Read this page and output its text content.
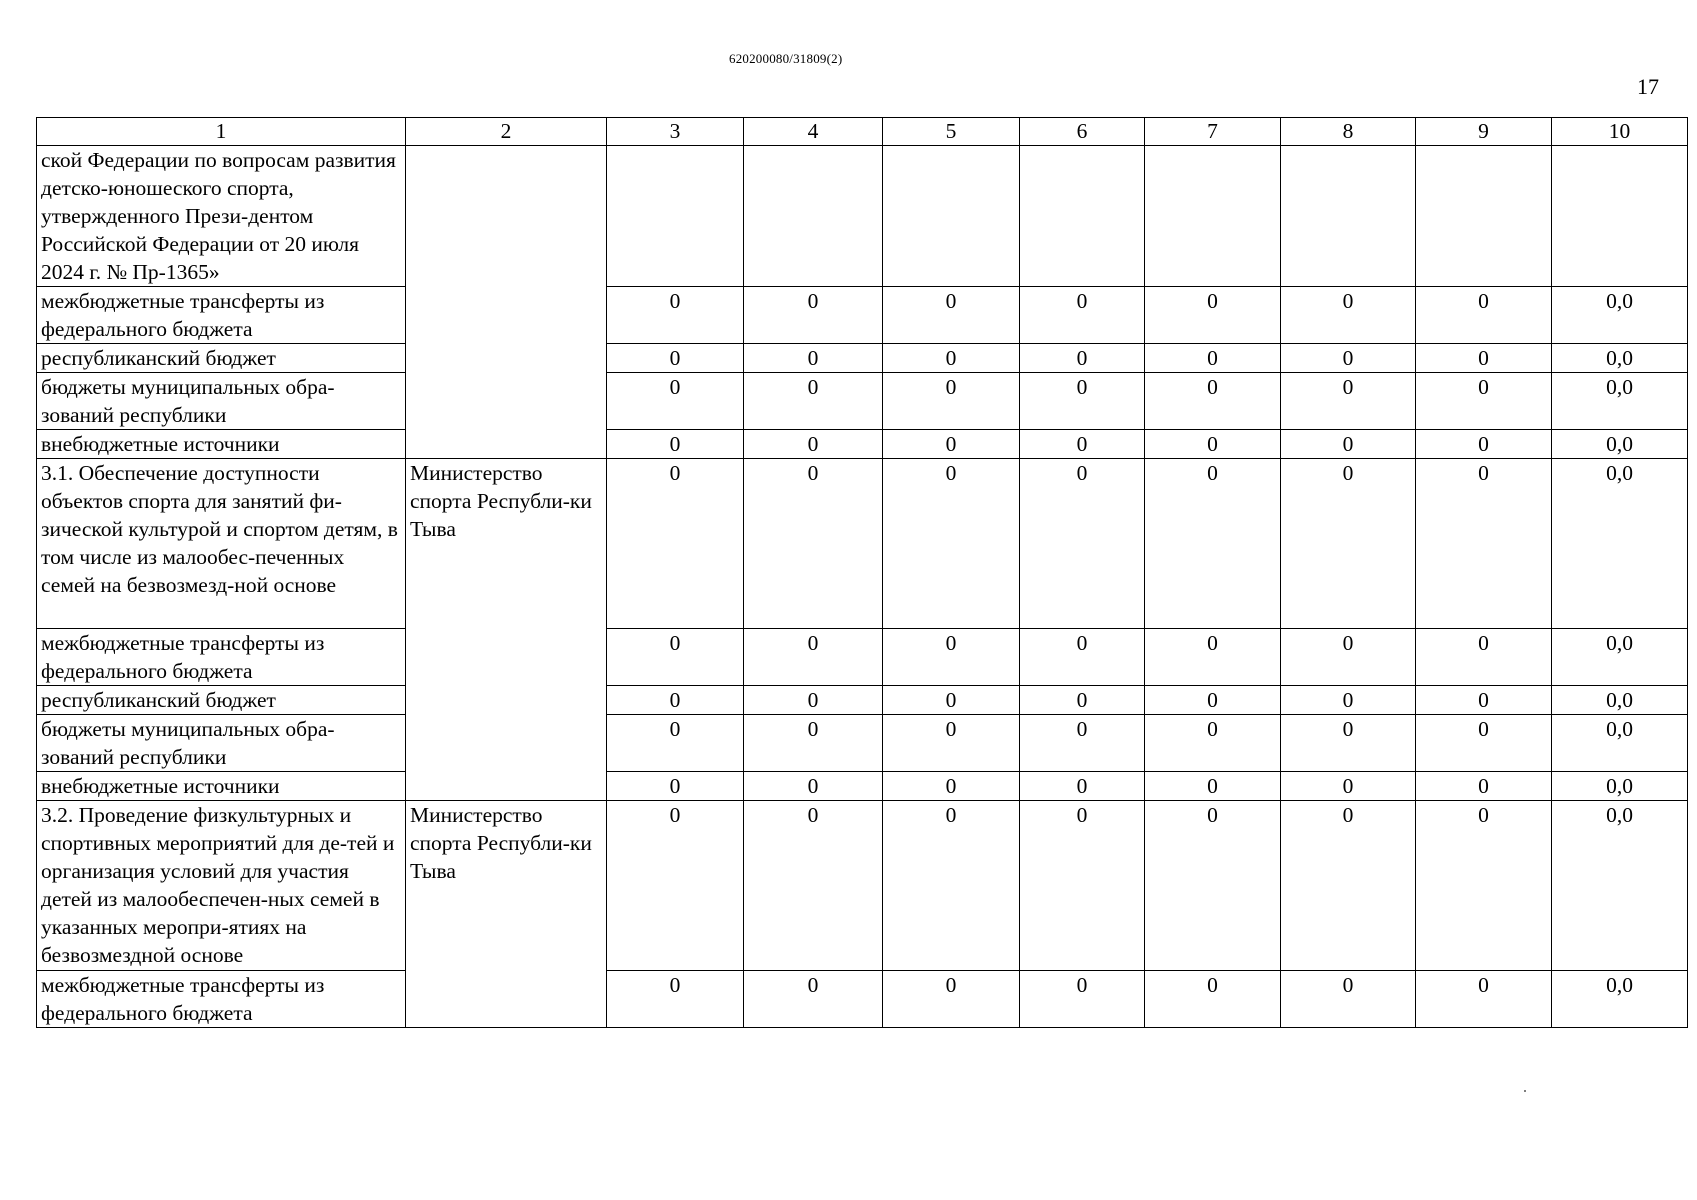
620200080/31809(2)
17
1	2	3	4	5	6	7	8	9	10
ской Федерации по вопросам развития детско-юношеского спорта, утвержденного Прези-дентом Российской Федерации от 20 июля 2024 г. № Пр-1365»									
межбюджетные трансферты из федерального бюджета		0	0	0	0	0	0	0	0,0
республиканский бюджет		0	0	0	0	0	0	0	0,0
бюджеты муниципальных обра-зований республики		0	0	0	0	0	0	0	0,0
внебюджетные источники		0	0	0	0	0	0	0	0,0
3.1. Обеспечение доступности объектов спорта для занятий фи-зической культурой и спортом детям, в том числе из малообес-печенных семей на безвозмезд-ной основе	Министерство спорта Республи-ки Тыва	0	0	0	0	0	0	0	0,0
межбюджетные трансферты из федерального бюджета		0	0	0	0	0	0	0	0,0
республиканский бюджет		0	0	0	0	0	0	0	0,0
бюджеты муниципальных обра-зований республики		0	0	0	0	0	0	0	0,0
внебюджетные источники		0	0	0	0	0	0	0	0,0
3.2. Проведение физкультурных и спортивных мероприятий для де-тей и организация условий для участия детей из малообеспечен-ных семей в указанных меропри-ятиях на безвозмездной основе	Министерство спорта Республи-ки Тыва	0	0	0	0	0	0	0	0,0
межбюджетные трансферты из федерального бюджета		0	0	0	0	0	0	0	0,0
